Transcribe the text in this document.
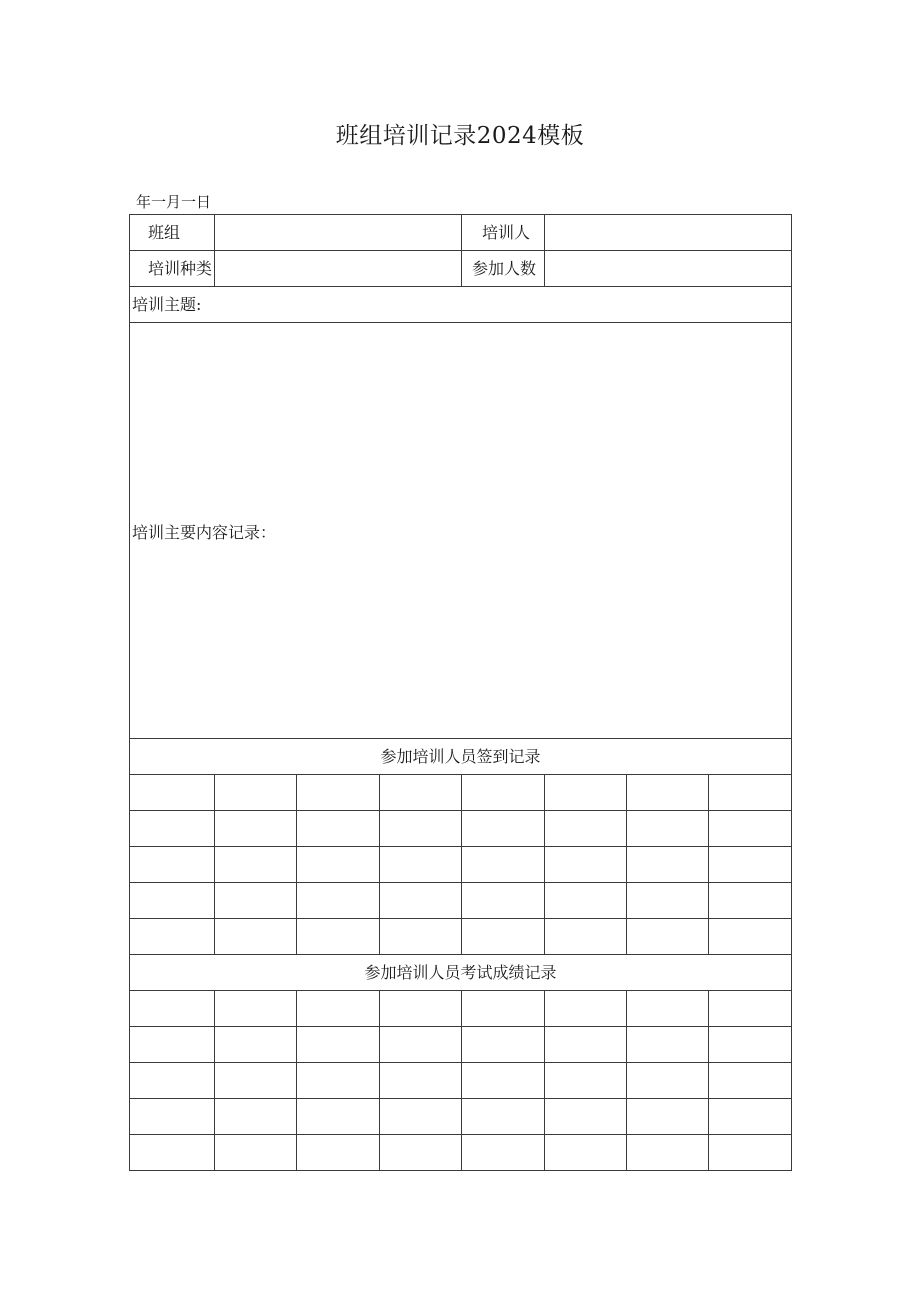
班组培训记录2024模板
年一月一日
班组				培训人			
培训种类				参加人数			
培训主题:							
培训主要内容记录：							
参加培训人员签到记录							

参加培训人员考试成绩记录							
